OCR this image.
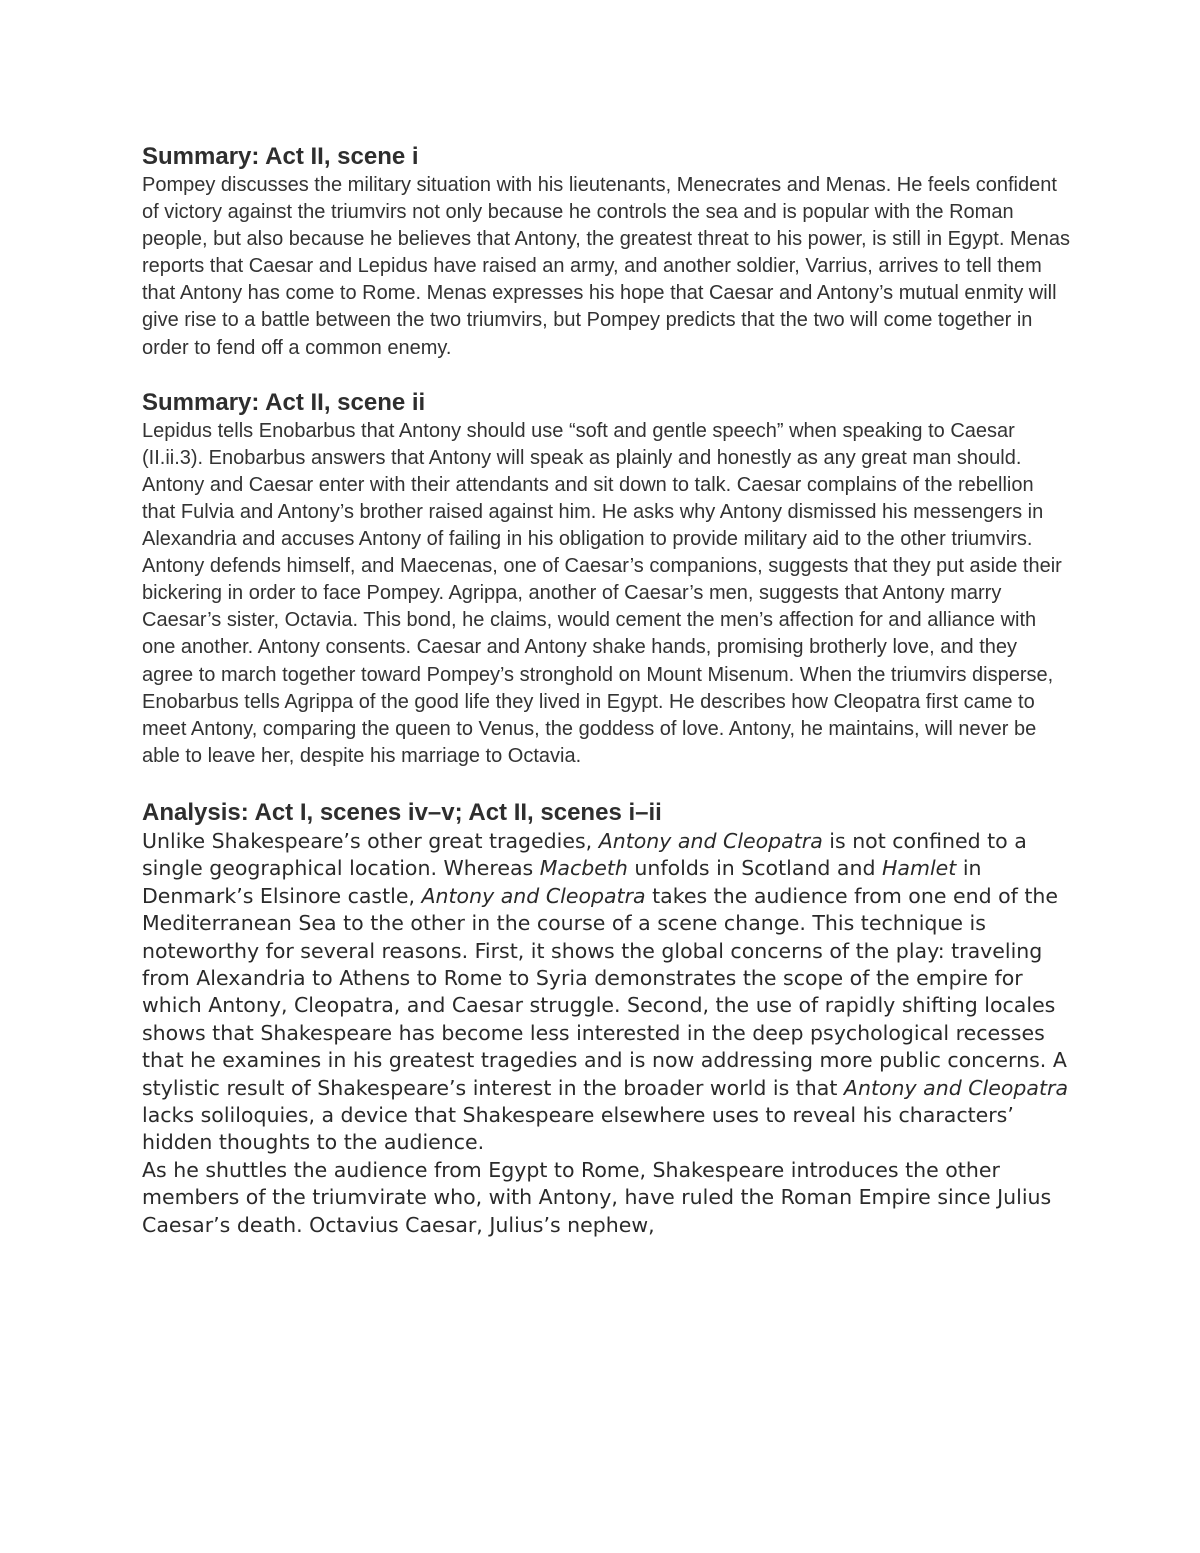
Summary: Act II, scene i

Pompey discusses the military situation with his lieutenants, Menecrates and Menas. He feels confident of victory against the triumvirs not only because he controls the sea and is popular with the Roman people, but also because he believes that Antony, the greatest threat to his power, is still in Egypt. Menas reports that Caesar and Lepidus have raised an army, and another soldier, Varrius, arrives to tell them that Antony has come to Rome. Menas expresses his hope that Caesar and Antony’s mutual enmity will give rise to a battle between the two triumvirs, but Pompey predicts that the two will come together in order to fend off a common enemy.

Summary: Act II, scene ii

Lepidus tells Enobarbus that Antony should use “soft and gentle speech” when speaking to Caesar (II.ii.3). Enobarbus answers that Antony will speak as plainly and honestly as any great man should. Antony and Caesar enter with their attendants and sit down to talk. Caesar complains of the rebellion that Fulvia and Antony’s brother raised against him. He asks why Antony dismissed his messengers in Alexandria and accuses Antony of failing in his obligation to provide military aid to the other triumvirs. Antony defends himself, and Maecenas, one of Caesar’s companions, suggests that they put aside their bickering in order to face Pompey. Agrippa, another of Caesar’s men, suggests that Antony marry Caesar’s sister, Octavia. This bond, he claims, would cement the men’s affection for and alliance with one another. Antony consents. Caesar and Antony shake hands, promising brotherly love, and they agree to march together toward Pompey’s stronghold on Mount Misenum. When the triumvirs disperse, Enobarbus tells Agrippa of the good life they lived in Egypt. He describes how Cleopatra first came to meet Antony, comparing the queen to Venus, the goddess of love. Antony, he maintains, will never be able to leave her, despite his marriage to Octavia.

Analysis: Act I, scenes iv–v; Act II, scenes i–ii

Unlike Shakespeare’s other great tragedies, Antony and Cleopatra is not confined to a single geographical location. Whereas Macbeth unfolds in Scotland and Hamlet in Denmark’s Elsinore castle, Antony and Cleopatra takes the audience from one end of the Mediterranean Sea to the other in the course of a scene change. This technique is noteworthy for several reasons. First, it shows the global concerns of the play: traveling from Alexandria to Athens to Rome to Syria demonstrates the scope of the empire for which Antony, Cleopatra, and Caesar struggle. Second, the use of rapidly shifting locales shows that Shakespeare has become less interested in the deep psychological recesses that he examines in his greatest tragedies and is now addressing more public concerns. A stylistic result of Shakespeare’s interest in the broader world is that Antony and Cleopatra lacks soliloquies, a device that Shakespeare elsewhere uses to reveal his characters’ hidden thoughts to the audience.

As he shuttles the audience from Egypt to Rome, Shakespeare introduces the other members of the triumvirate who, with Antony, have ruled the Roman Empire since Julius Caesar’s death. Octavius Caesar, Julius’s nephew,
